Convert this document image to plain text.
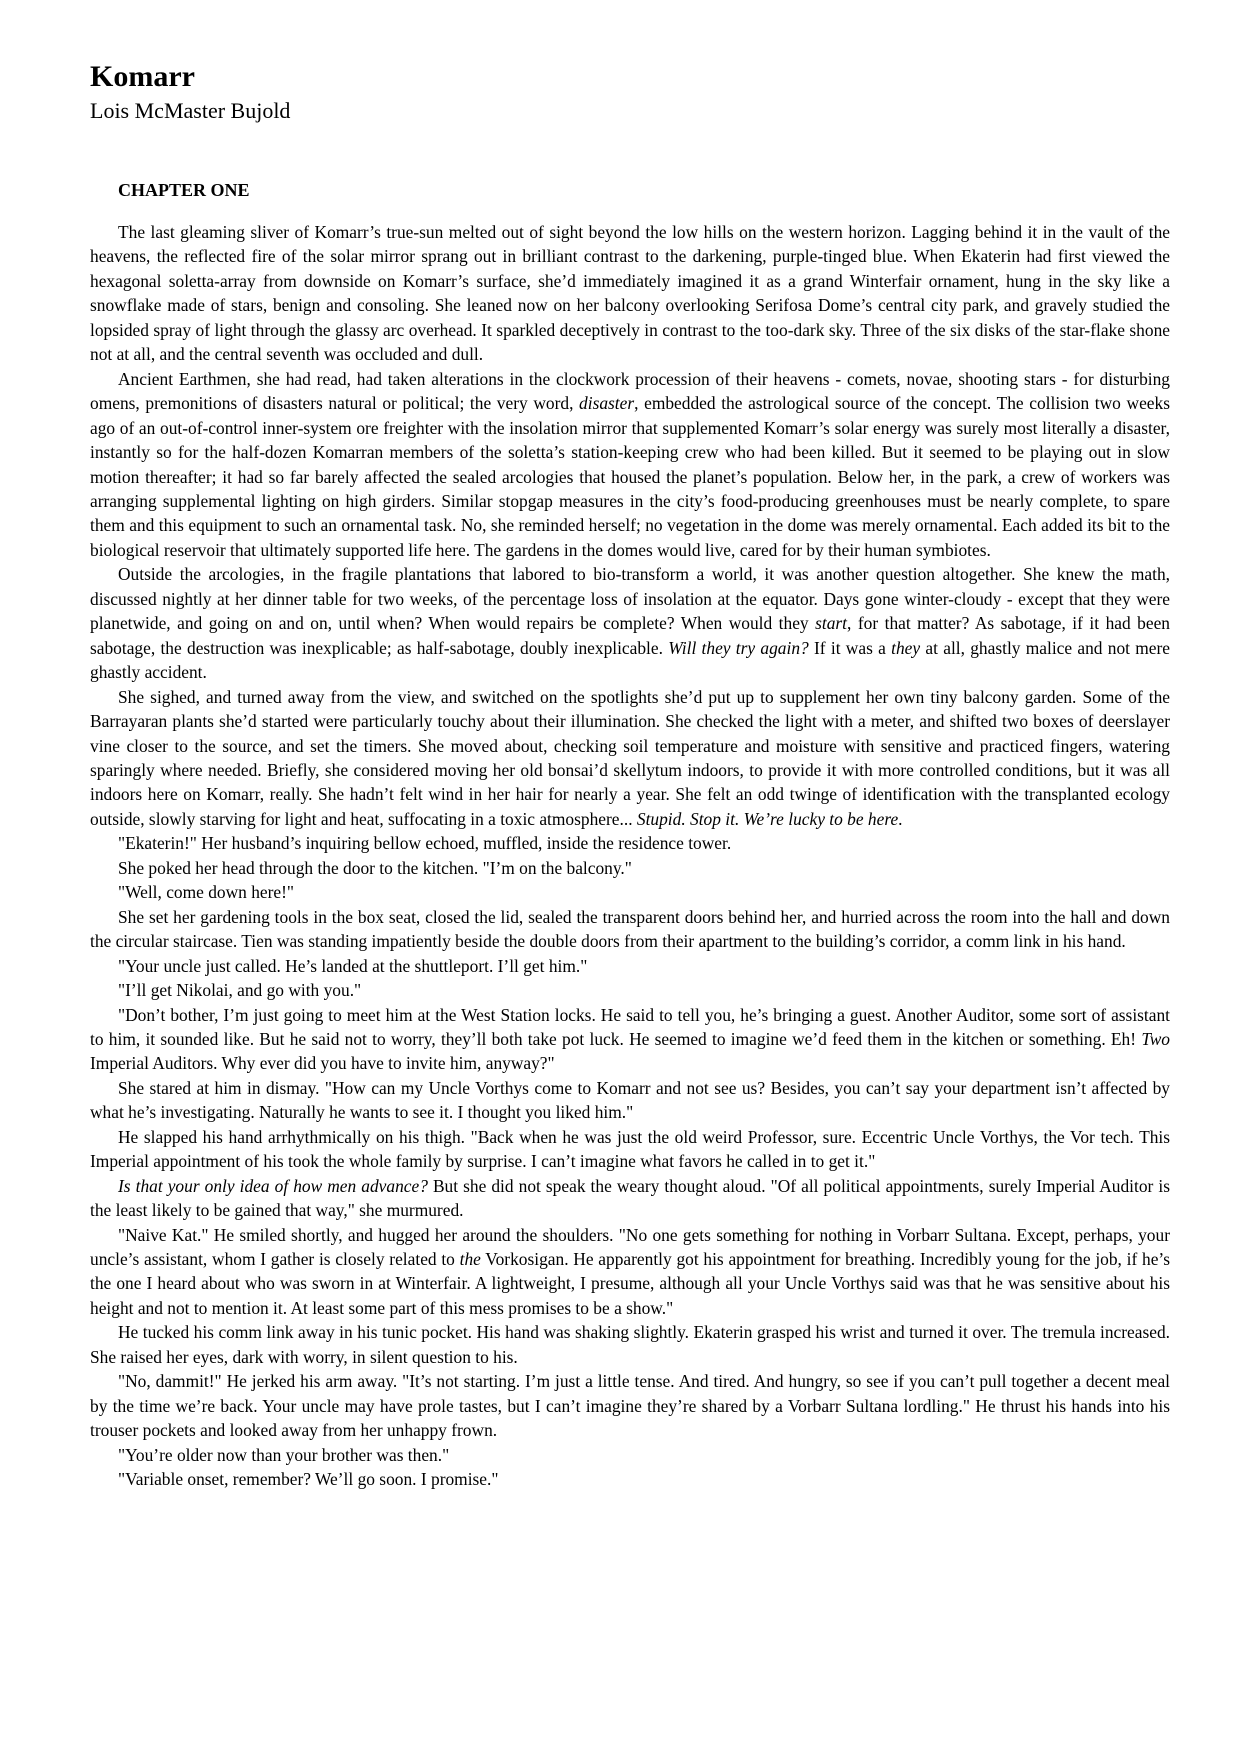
Komarr
Lois McMaster Bujold
CHAPTER ONE

The last gleaming sliver of Komarr’s true-sun melted out of sight beyond the low hills on the western horizon. Lagging behind it in the vault of the heavens, the reflected fire of the solar mirror sprang out in brilliant contrast to the darkening, purple-tinged blue. When Ekaterin had first viewed the hexagonal soletta-array from downside on Komarr’s surface, she’d immediately imagined it as a grand Winterfair ornament, hung in the sky like a snowflake made of stars, benign and consoling. She leaned now on her balcony overlooking Serifosa Dome’s central city park, and gravely studied the lopsided spray of light through the glassy arc overhead. It sparkled deceptively in contrast to the too-dark sky. Three of the six disks of the star-flake shone not at all, and the central seventh was occluded and dull.

Ancient Earthmen, she had read, had taken alterations in the clockwork procession of their heavens - comets, novae, shooting stars - for disturbing omens, premonitions of disasters natural or political; the very word, disaster, embedded the astrological source of the concept. The collision two weeks ago of an out-of-control inner-system ore freighter with the insolation mirror that supplemented Komarr’s solar energy was surely most literally a disaster, instantly so for the half-dozen Komarran members of the soletta’s station-keeping crew who had been killed. But it seemed to be playing out in slow motion thereafter; it had so far barely affected the sealed arcologies that housed the planet’s population. Below her, in the park, a crew of workers was arranging supplemental lighting on high girders. Similar stopgap measures in the city’s food-producing greenhouses must be nearly complete, to spare them and this equipment to such an ornamental task. No, she reminded herself; no vegetation in the dome was merely ornamental. Each added its bit to the biological reservoir that ultimately supported life here. The gardens in the domes would live, cared for by their human symbiotes.

Outside the arcologies, in the fragile plantations that labored to bio-transform a world, it was another question altogether. She knew the math, discussed nightly at her dinner table for two weeks, of the percentage loss of insolation at the equator. Days gone winter-cloudy - except that they were planetwide, and going on and on, until when? When would repairs be complete? When would they start, for that matter? As sabotage, if it had been sabotage, the destruction was inexplicable; as half-sabotage, doubly inexplicable. Will they try again? If it was a they at all, ghastly malice and not mere ghastly accident.

She sighed, and turned away from the view, and switched on the spotlights she’d put up to supplement her own tiny balcony garden. Some of the Barrayaran plants she’d started were particularly touchy about their illumination. She checked the light with a meter, and shifted two boxes of deerslayer vine closer to the source, and set the timers. She moved about, checking soil temperature and moisture with sensitive and practiced fingers, watering sparingly where needed. Briefly, she considered moving her old bonsai’d skellytum indoors, to provide it with more controlled conditions, but it was all indoors here on Komarr, really. She hadn’t felt wind in her hair for nearly a year. She felt an odd twinge of identification with the transplanted ecology outside, slowly starving for light and heat, suffocating in a toxic atmosphere... Stupid. Stop it. We’re lucky to be here.

"Ekaterin!" Her husband’s inquiring bellow echoed, muffled, inside the residence tower.

She poked her head through the door to the kitchen. "I’m on the balcony."

"Well, come down here!"

She set her gardening tools in the box seat, closed the lid, sealed the transparent doors behind her, and hurried across the room into the hall and down the circular staircase. Tien was standing impatiently beside the double doors from their apartment to the building’s corridor, a comm link in his hand.

"Your uncle just called. He’s landed at the shuttleport. I’ll get him."

"I’ll get Nikolai, and go with you."

"Don’t bother, I’m just going to meet him at the West Station locks. He said to tell you, he’s bringing a guest. Another Auditor, some sort of assistant to him, it sounded like. But he said not to worry, they’ll both take pot luck. He seemed to imagine we’d feed them in the kitchen or something. Eh! Two Imperial Auditors. Why ever did you have to invite him, anyway?"

She stared at him in dismay. "How can my Uncle Vorthys come to Komarr and not see us? Besides, you can’t say your department isn’t affected by what he’s investigating. Naturally he wants to see it. I thought you liked him."

He slapped his hand arrhythmically on his thigh. "Back when he was just the old weird Professor, sure. Eccentric Uncle Vorthys, the Vor tech. This Imperial appointment of his took the whole family by surprise. I can’t imagine what favors he called in to get it."

Is that your only idea of how men advance? But she did not speak the weary thought aloud. "Of all political appointments, surely Imperial Auditor is the least likely to be gained that way," she murmured.

"Naive Kat." He smiled shortly, and hugged her around the shoulders. "No one gets something for nothing in Vorbarr Sultana. Except, perhaps, your uncle’s assistant, whom I gather is closely related to the Vorkosigan. He apparently got his appointment for breathing. Incredibly young for the job, if he’s the one I heard about who was sworn in at Winterfair. A lightweight, I presume, although all your Uncle Vorthys said was that he was sensitive about his height and not to mention it. At least some part of this mess promises to be a show."

He tucked his comm link away in his tunic pocket. His hand was shaking slightly. Ekaterin grasped his wrist and turned it over. The tremula increased. She raised her eyes, dark with worry, in silent question to his.

"No, dammit!" He jerked his arm away. "It’s not starting. I’m just a little tense. And tired. And hungry, so see if you can’t pull together a decent meal by the time we’re back. Your uncle may have prole tastes, but I can’t imagine they’re shared by a Vorbarr Sultana lordling." He thrust his hands into his trouser pockets and looked away from her unhappy frown.

"You’re older now than your brother was then."

"Variable onset, remember? We’ll go soon. I promise."
